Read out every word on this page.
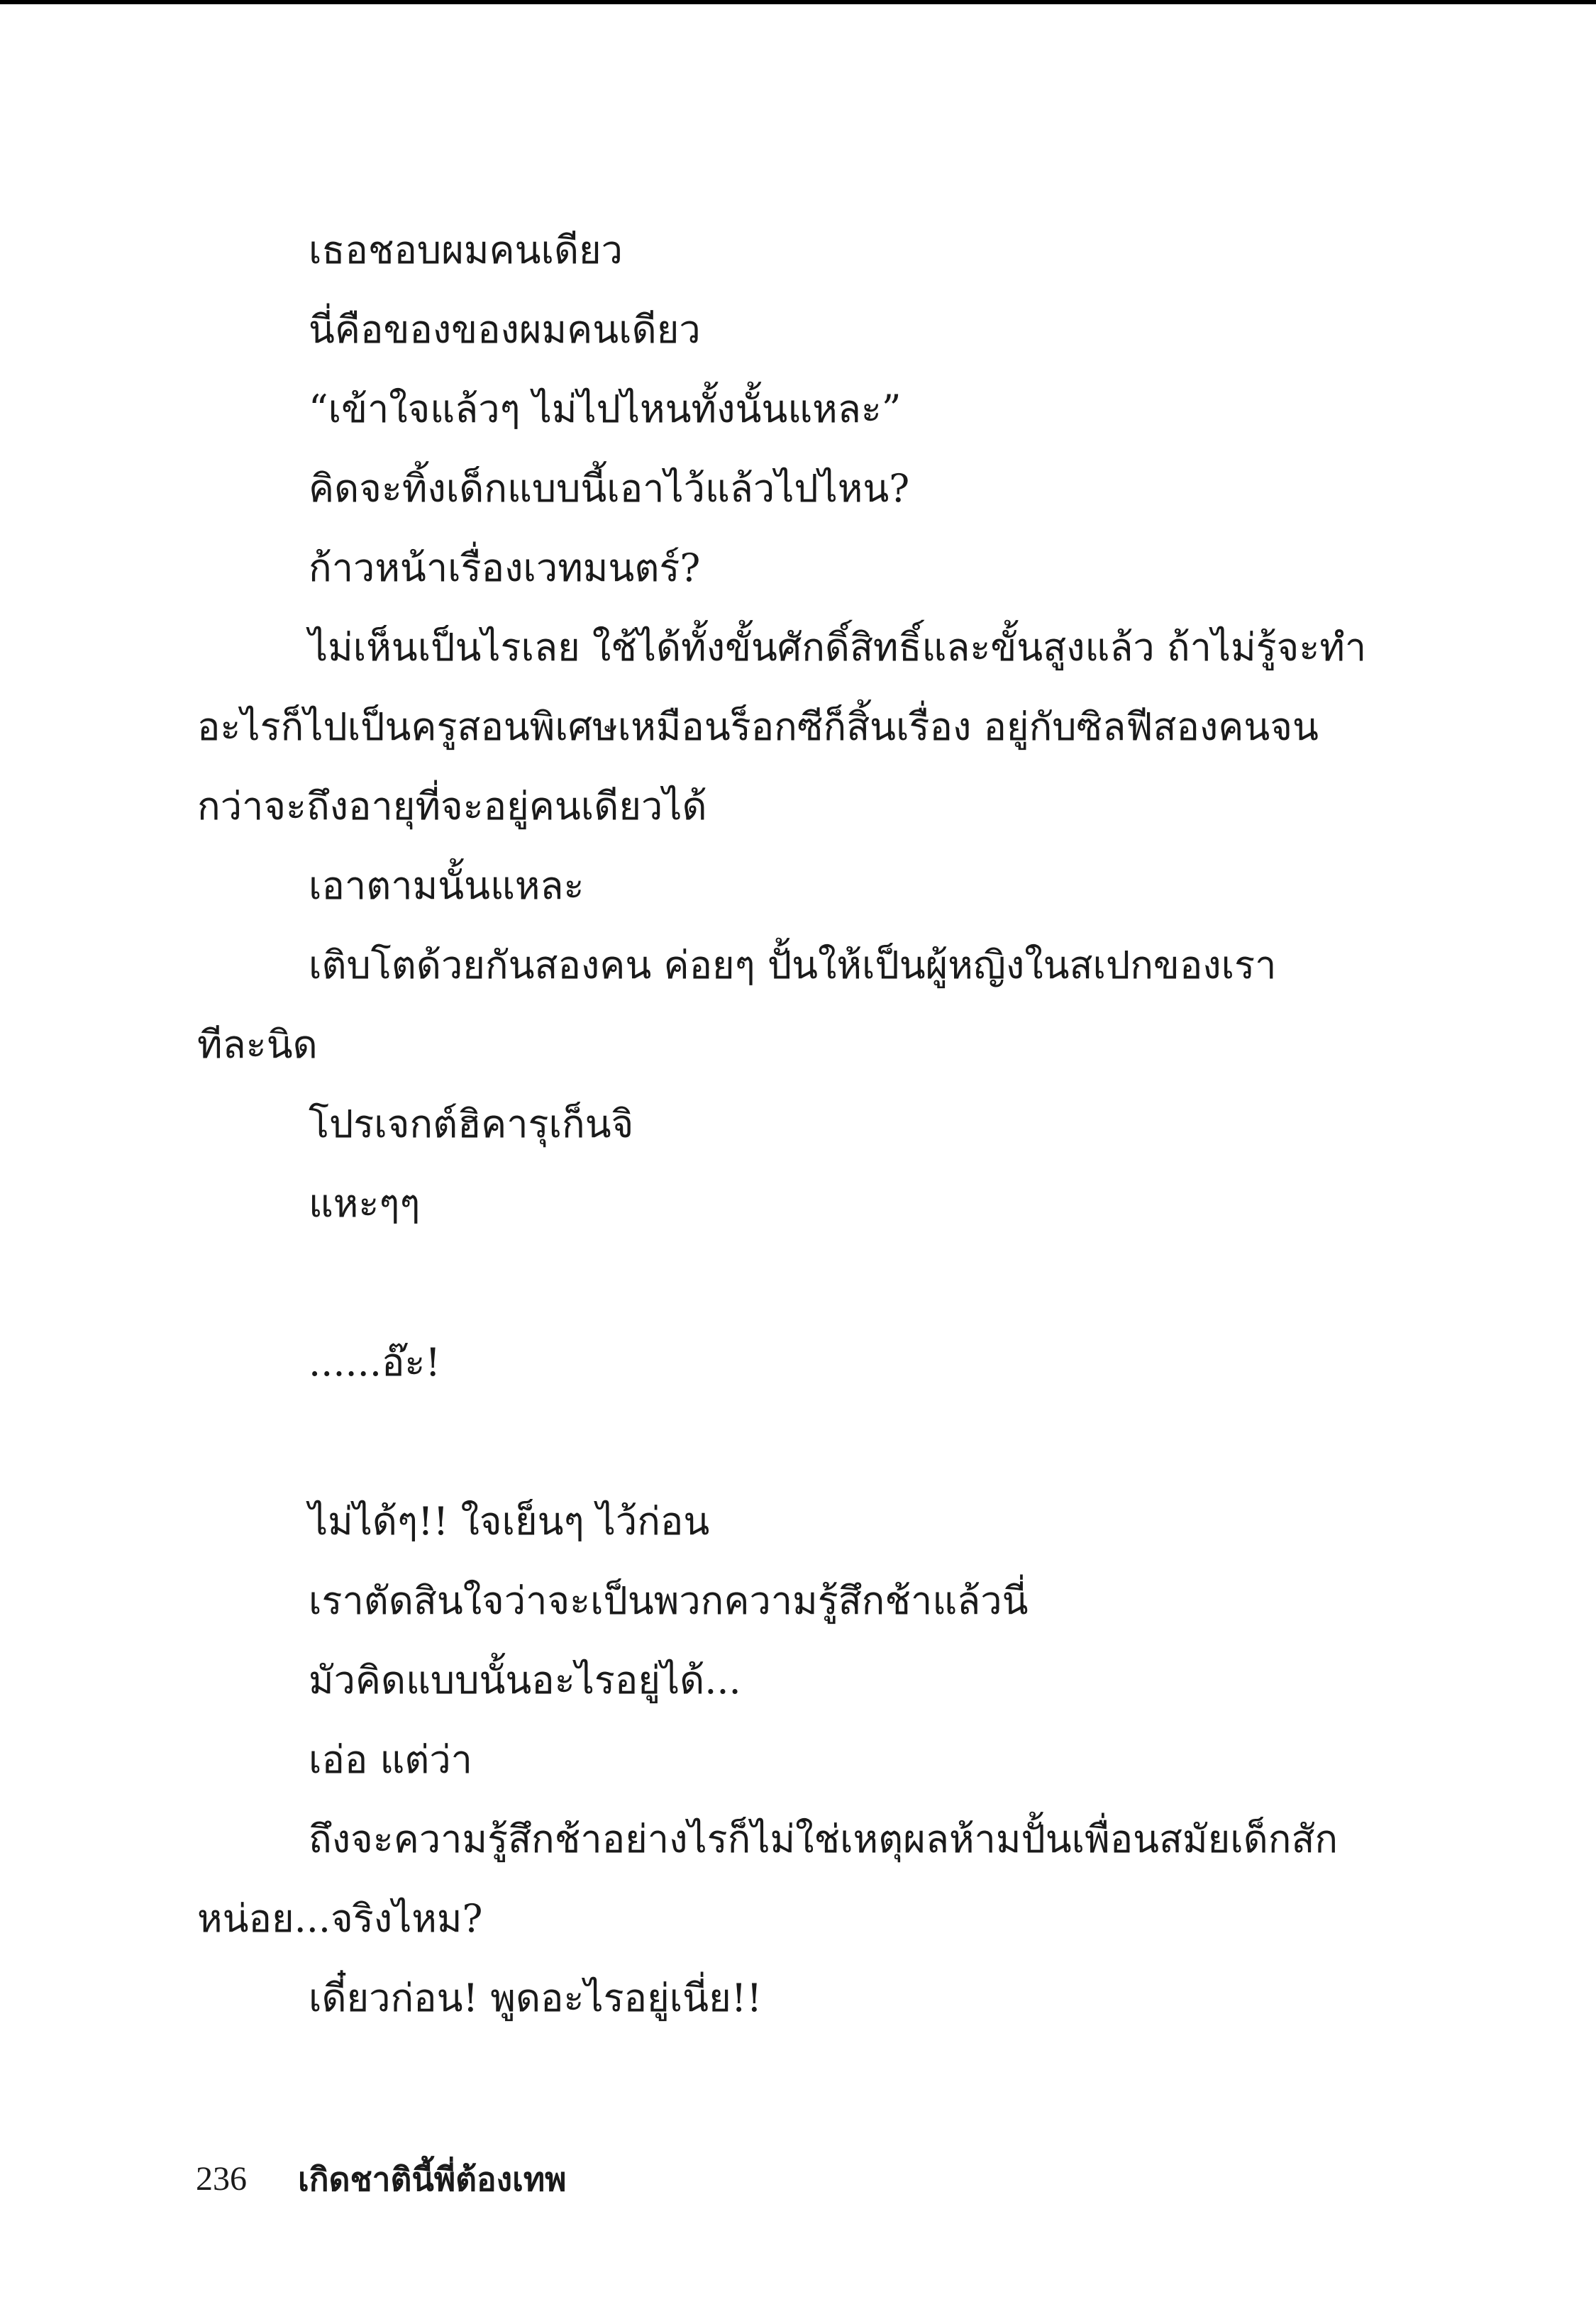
เธอชอบผมคนเดียว
นี่คือของของผมคนเดียว
“เข้าใจแล้วๆ ไม่ไปไหนทั้งนั้นแหละ”
คิดจะทิ้งเด็กแบบนี้เอาไว้แล้วไปไหน?
ก้าวหน้าเรื่องเวทมนตร์?
ไม่เห็นเป็นไรเลย ใช้ได้ทั้งขั้นศักดิ์สิทธิ์และขั้นสูงแล้ว ถ้าไม่รู้จะทำ
อะไรก็ไปเป็นครูสอนพิเศษเหมือนร็อกซีก็สิ้นเรื่อง อยู่กับซิลฟีสองคนจน
กว่าจะถึงอายุที่จะอยู่คนเดียวได้
เอาตามนั้นแหละ
เติบโตด้วยกันสองคน ค่อยๆ ปั้นให้เป็นผู้หญิงในสเปกของเรา
ทีละนิด
โปรเจกต์ฮิคารุเก็นจิ
แหะๆๆ
......อ๊ะ!
ไม่ได้ๆ!! ใจเย็นๆ ไว้ก่อน
เราตัดสินใจว่าจะเป็นพวกความรู้สึกช้าแล้วนี่
มัวคิดแบบนั้นอะไรอยู่ได้...
เอ่อ แต่ว่า
ถึงจะความรู้สึกช้าอย่างไรก็ไม่ใช่เหตุผลห้ามปั้นเพื่อนสมัยเด็กสัก
หน่อย...จริงไหม?
เดี๋ยวก่อน! พูดอะไรอยู่เนี่ย!!
236 เกิดชาตินี้พี่ต้องเทพ
